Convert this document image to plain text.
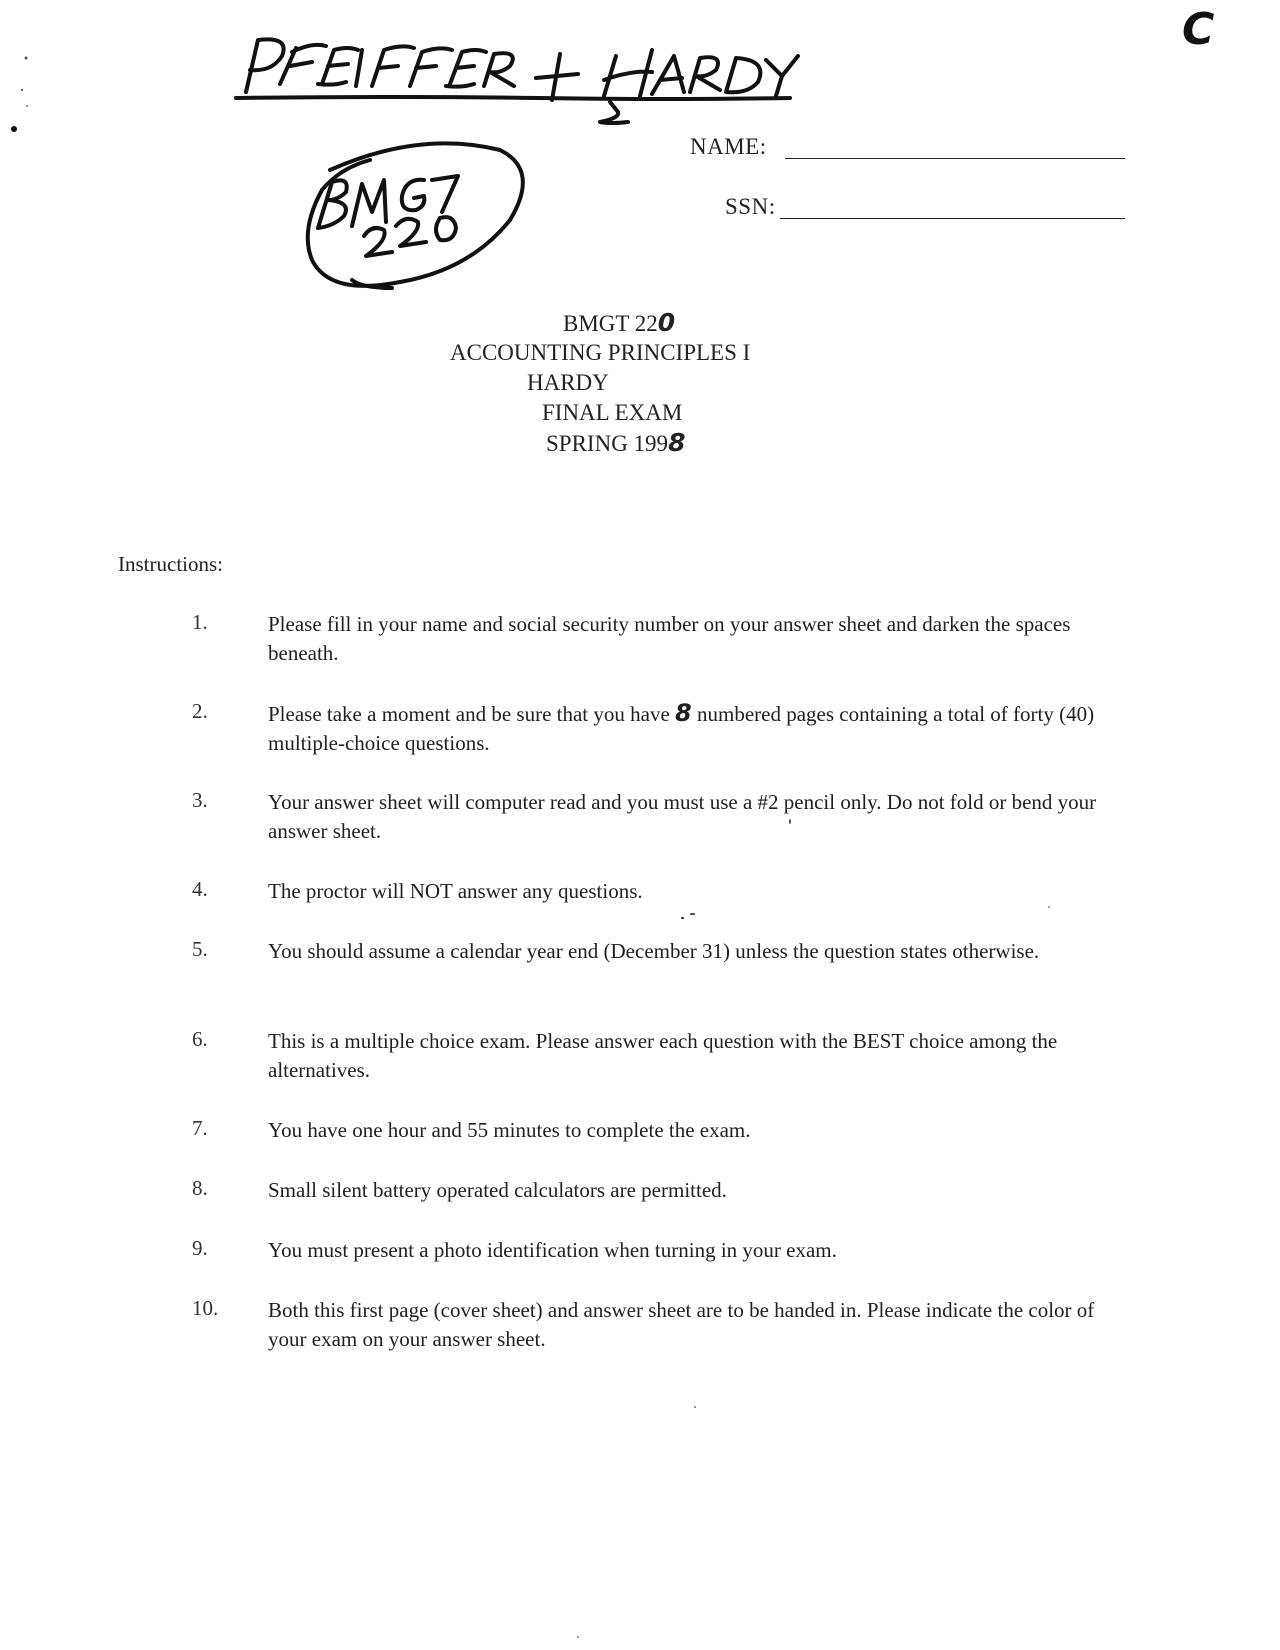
C
NAME:
SSN:
BMGT 220
ACCOUNTING PRINCIPLES I
HARDY
FINAL EXAM
SPRING 1998
Instructions:
1.	Please fill in your name and social security number on your answer sheet and darken the spaces beneath.
2.	Please take a moment and be sure that you have 8 numbered pages containing a total of forty (40) multiple-choice questions.
3.	Your answer sheet will computer read and you must use a #2 pencil only. Do not fold or bend your answer sheet.
4.	The proctor will NOT answer any questions.
5.	You should assume a calendar year end (December 31) unless the question states otherwise.
6.	This is a multiple choice exam. Please answer each question with the BEST choice among the alternatives.
7.	You have one hour and 55 minutes to complete the exam.
8.	Small silent battery operated calculators are permitted.
9.	You must present a photo identification when turning in your exam.
10. Both this first page (cover sheet) and answer sheet are to be handed in. Please indicate the color of your exam on your answer sheet.
